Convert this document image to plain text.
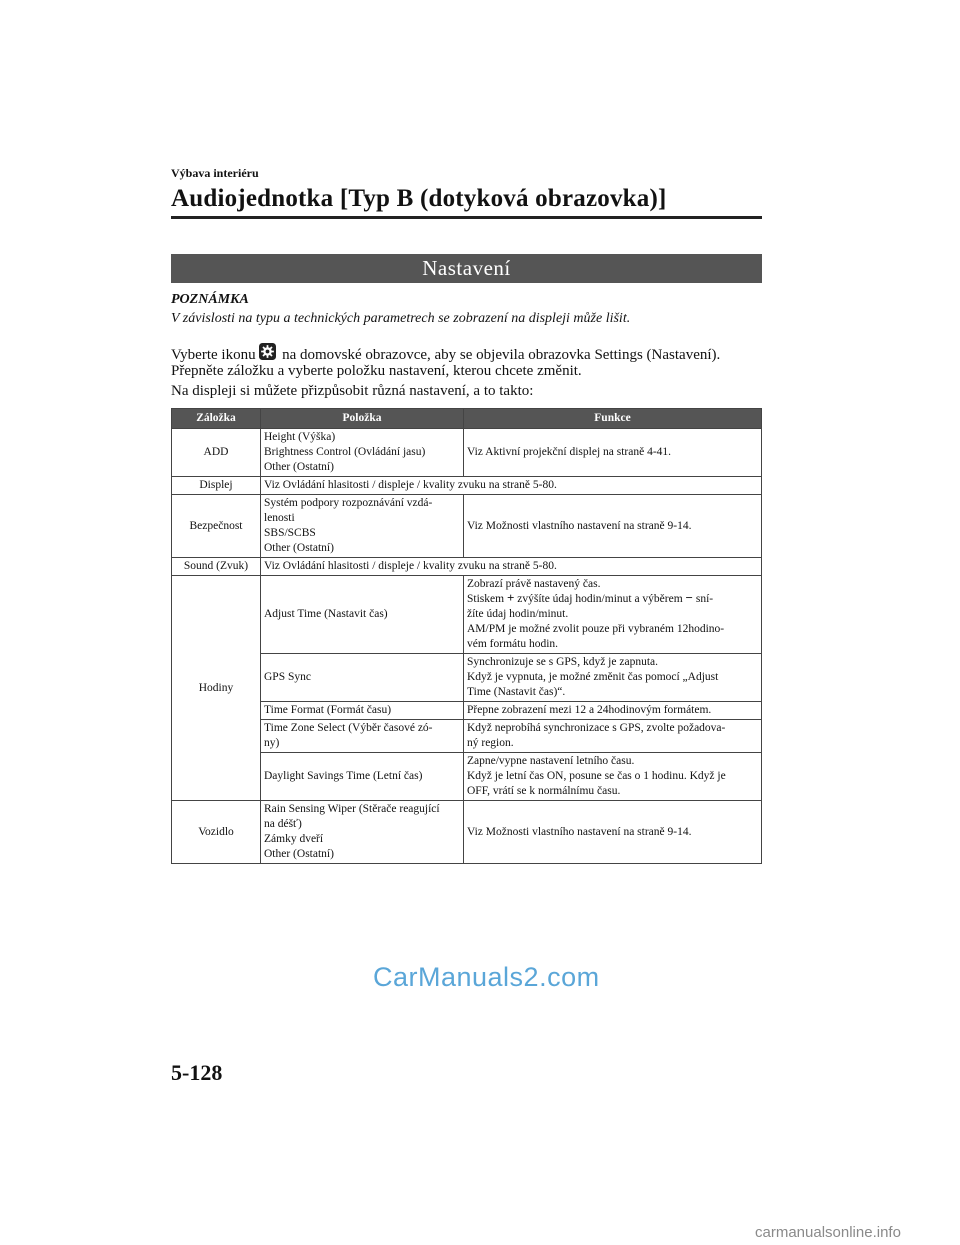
Výbava interiéru
Audiojednotka [Typ B (dotyková obrazovka)]
Nastavení
POZNÁMKA
V závislosti na typu a technických parametrech se zobrazení na displeji může lišit.
Vyberte ikonu na domovské obrazovce, aby se objevila obrazovka Settings (Nastavení).
Přepněte záložku a vyberte položku nastavení, kterou chcete změnit.
Na displeji si můžete přizpůsobit různá nastavení, a to takto:
Záložka	Položka	Funkce
ADD	Height (Výška)
Brightness Control (Ovládání jasu)
Other (Ostatní)	Viz Aktivní projekční displej na straně 4-41.
Displej	Viz Ovládání hlasitosti / displeje / kvality zvuku na straně 5-80.	
Bezpečnost	Systém podpory rozpoznávání vzdá-
lenosti
SBS/SCBS
Other (Ostatní)	Viz Možnosti vlastního nastavení na straně 9-14.
Sound (Zvuk)	Viz Ovládání hlasitosti / displeje / kvality zvuku na straně 5-80.	
Hodiny	Adjust Time (Nastavit čas)	Zobrazí právě nastavený čas.
Stiskem + zvýšíte údaj hodin/minut a výběrem − sní-
žíte údaj hodin/minut.
AM/PM je možné zvolit pouze při vybraném 12hodino-
vém formátu hodin.

	GPS Sync	Synchronizuje se s GPS, když je zapnuta.
Když je vypnuta, je možné změnit čas pomocí „Adjust
Time (Nastavit čas)“.
	Time Format (Formát času)	Přepne zobrazení mezi 12 a 24hodinovým formátem.
	Time Zone Select (Výběr časové zó-
ny)	Když neprobíhá synchronizace s GPS, zvolte požadova-
ný region.
	Daylight Savings Time (Letní čas)	Zapne/vypne nastavení letního času.
Když je letní čas ON, posune se čas o 1 hodinu. Když je
OFF, vrátí se k normálnímu času.
Vozidlo	Rain Sensing Wiper (Stěrače reagující
na déšť)
Zámky dveří
Other (Ostatní)	Viz Možnosti vlastního nastavení na straně 9-14.
CarManuals2.com
5-128
carmanualsonline.info
